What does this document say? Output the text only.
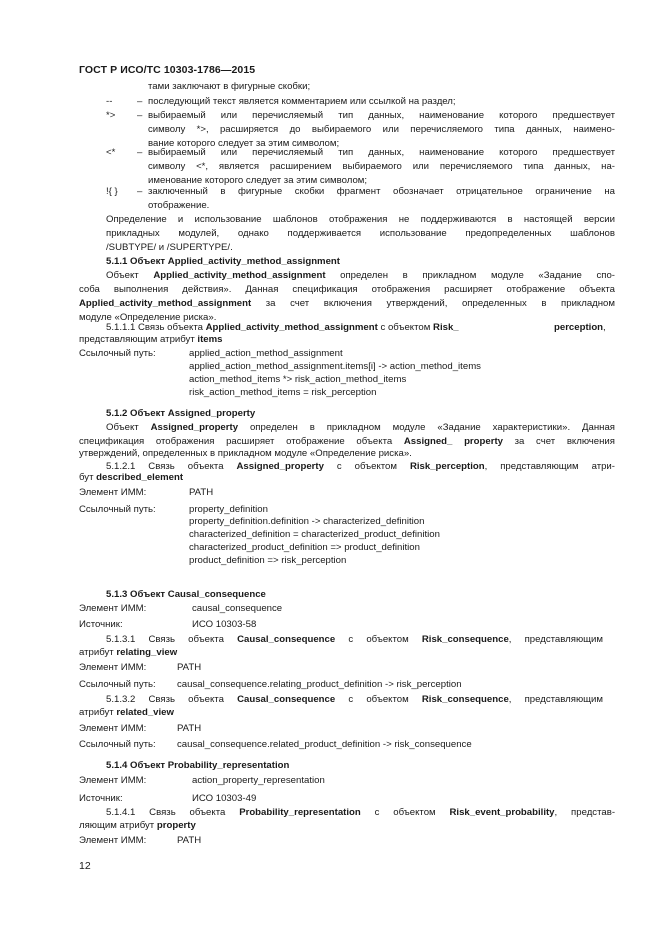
ГОСТ Р ИСО/ТС 10303-1786—2015
тами заключают в фигурные скобки;
--	– последующий текст является комментарием или ссылкой на раздел;
*> – выбираемый или перечисляемый тип данных, наименование которого предшествует
символу *>, расширяется до выбираемого или перечисляемого типа данных, наимено-
вание которого следует за этим символом;
<* – выбираемый или перечисляемый тип данных, наименование которого предшествует
символу <*, является расширением выбираемого или перечисляемого типа данных, на-
именование которого следует за этим символом;
!{ } – заключенный в фигурные скобки фрагмент обозначает отрицательное ограничение на
отображение.
Определение и использование шаблонов отображения не поддерживаются в настоящей версии
прикладных модулей, однако поддерживается использование предопределенных шаблонов
/SUBTYPE/ и /SUPERTYPE/.
5.1.1 Объект Applied_activity_method_assignment
Объект Applied_activity_method_assignment определен в прикладном модуле «Задание спо-
соба выполнения действия». Данная спецификация отображения расширяет отображение объекта
Applied_activity_method_assignment за счет включения утверждений, определенных в прикладном
модуле «Определение риска».
5.1.1.1 Связь объекта Applied_activity_method_assignment с объектом Risk_	perception,
представляющим атрибут items
Ссылочный путь:	applied_action_method_assignment
applied_action_method_assignment.items[i] -> action_method_items
action_method_items *> risk_action_method_items
risk_action_method_items = risk_perception
5.1.2 Объект Assigned_property
Объект Assigned_property определен в прикладном модуле «Задание характеристики». Данная
спецификация отображения расширяет отображение объекта Assigned_ property за счет включения
утверждений, определенных в прикладном модуле «Определение риска».
5.1.2.1 Связь объекта Assigned_property с объектом Risk_perception, представляющим атри-
бут described_element
Элемент ИММ:	PATH
Ссылочный путь:	property_definition
property_definition.definition -> characterized_definition
characterized_definition = characterized_product_definition
characterized_product_definition => product_definition
product_definition => risk_perception
5.1.3 Объект Causal_consequence
Элемент ИММ:	causal_consequence
Источник:	ИСО 10303-58
5.1.3.1 Связь объекта Causal_consequence с объектом Risk_consequence, представляющим
атрибут relating_view
Элемент ИММ:	PATH
Ссылочный путь: causal_consequence.relating_product_definition -> risk_perception
5.1.3.2 Связь объекта Causal_consequence с объектом Risk_consequence, представляющим
атрибут related_view
Элемент ИММ:	PATH
Ссылочный путь: causal_consequence.related_product_definition -> risk_consequence
5.1.4 Объект Probability_representation
Элемент ИММ:	action_property_representation
Источник:	ИСО 10303-49
5.1.4.1 Связь объекта Probability_representation с объектом Risk_event_probability, представ-
ляющим атрибут property
Элемент ИММ:	PATH
12
